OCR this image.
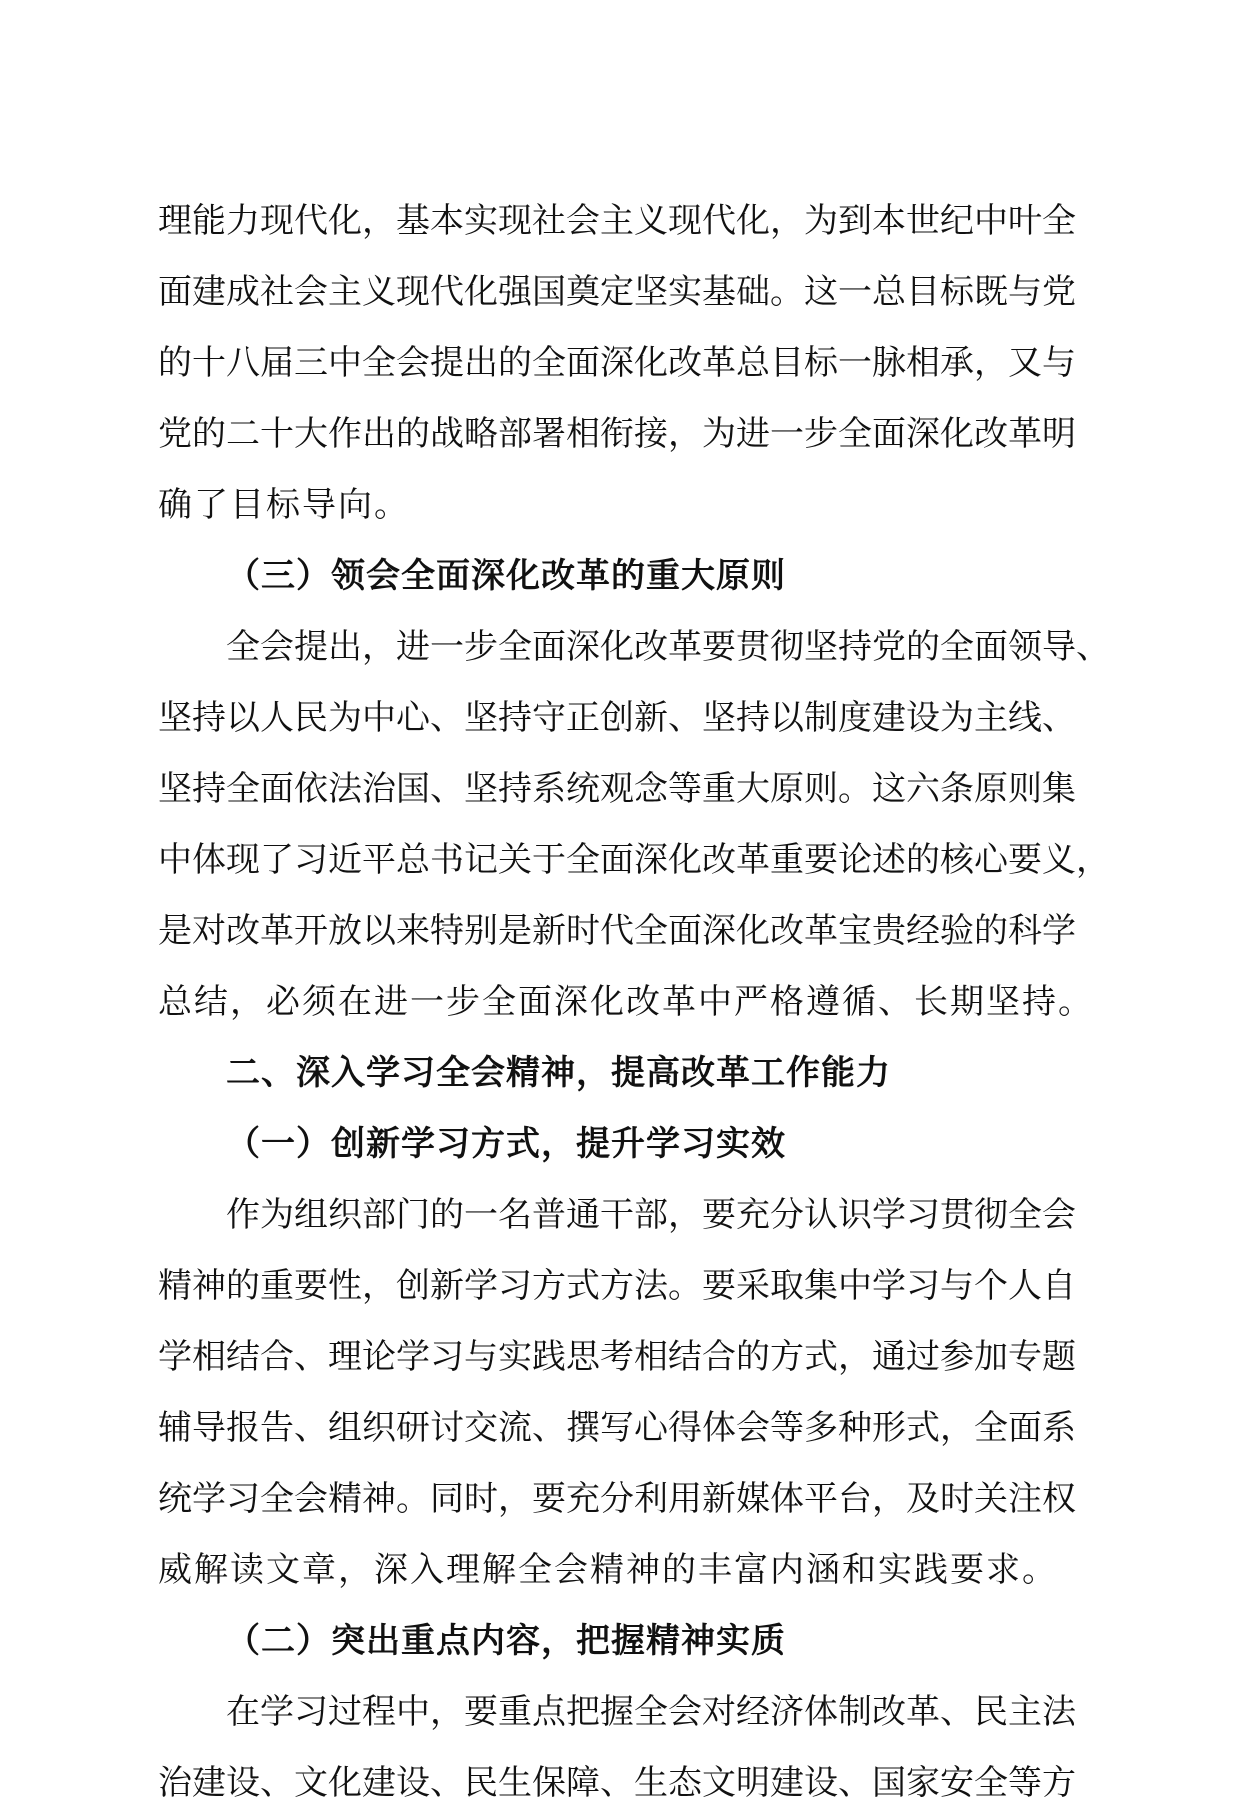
理能力现代化，基本实现社会主义现代化，为到本世纪中叶全
面建成社会主义现代化强国奠定坚实基础。这一总目标既与党
的十八届三中全会提出的全面深化改革总目标一脉相承，又与
党的二十大作出的战略部署相衔接，为进一步全面深化改革明
确了目标导向。
（三）领会全面深化改革的重大原则
全会提出，进一步全面深化改革要贯彻坚持党的全面领导、
坚持以人民为中心、坚持守正创新、坚持以制度建设为主线、
坚持全面依法治国、坚持系统观念等重大原则。这六条原则集
中体现了习近平总书记关于全面深化改革重要论述的核心要义，
是对改革开放以来特别是新时代全面深化改革宝贵经验的科学
总结，必须在进一步全面深化改革中严格遵循、长期坚持。
二、深入学习全会精神，提高改革工作能力
（一）创新学习方式，提升学习实效
作为组织部门的一名普通干部，要充分认识学习贯彻全会
精神的重要性，创新学习方式方法。要采取集中学习与个人自
学相结合、理论学习与实践思考相结合的方式，通过参加专题
辅导报告、组织研讨交流、撰写心得体会等多种形式，全面系
统学习全会精神。同时，要充分利用新媒体平台，及时关注权
威解读文章，深入理解全会精神的丰富内涵和实践要求。
（二）突出重点内容，把握精神实质
在学习过程中，要重点把握全会对经济体制改革、民主法
治建设、文化建设、民生保障、生态文明建设、国家安全等方
